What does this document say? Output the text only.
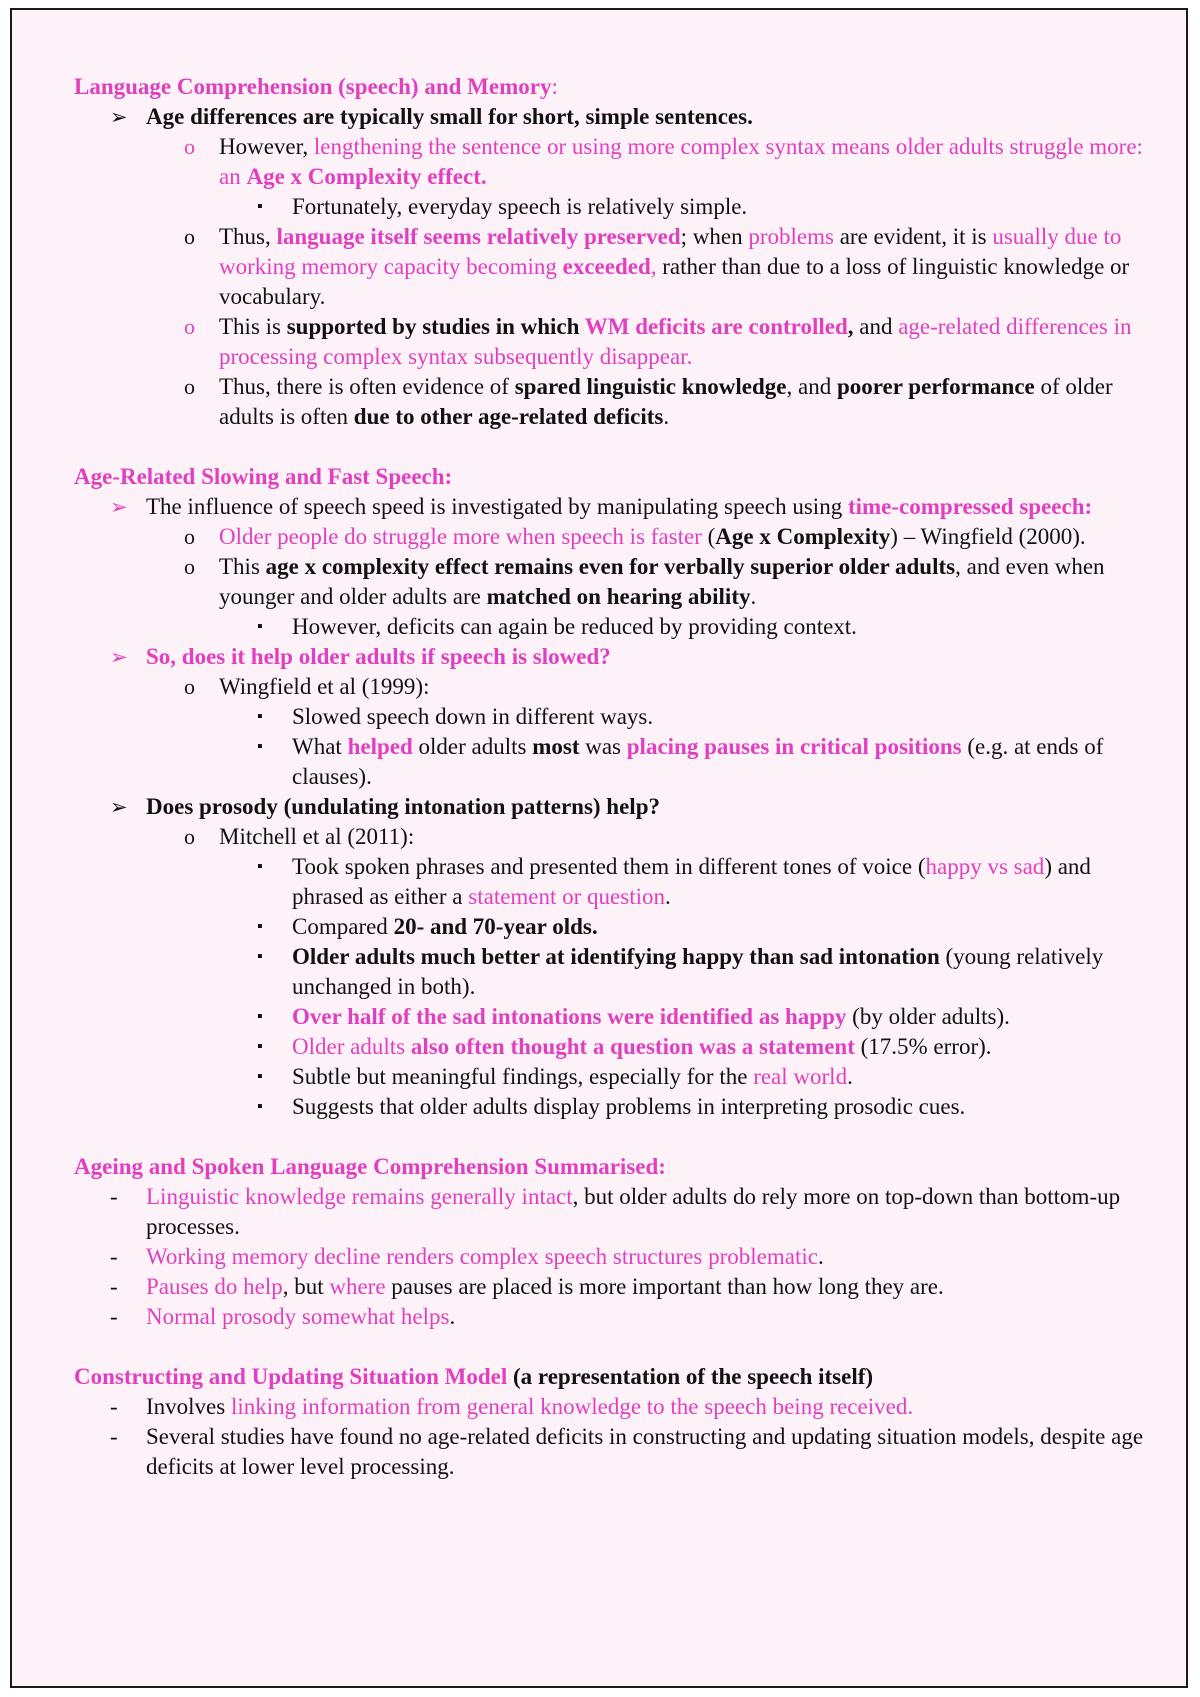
Language Comprehension (speech) and Memory:
➢ Age differences are typically small for short, simple sentences.
o However, lengthening the sentence or using more complex syntax means older adults struggle more: an Age x Complexity effect.
▪ Fortunately, everyday speech is relatively simple.
o Thus, language itself seems relatively preserved; when problems are evident, it is usually due to working memory capacity becoming exceeded, rather than due to a loss of linguistic knowledge or vocabulary.
o This is supported by studies in which WM deficits are controlled, and age-related differences in processing complex syntax subsequently disappear.
o Thus, there is often evidence of spared linguistic knowledge, and poorer performance of older adults is often due to other age-related deficits.
Age-Related Slowing and Fast Speech:
➢ The influence of speech speed is investigated by manipulating speech using time-compressed speech:
o Older people do struggle more when speech is faster (Age x Complexity) – Wingfield (2000).
o This age x complexity effect remains even for verbally superior older adults, and even when younger and older adults are matched on hearing ability.
▪ However, deficits can again be reduced by providing context.
➢ So, does it help older adults if speech is slowed?
o Wingfield et al (1999):
▪ Slowed speech down in different ways.
▪ What helped older adults most was placing pauses in critical positions (e.g. at ends of clauses).
➢ Does prosody (undulating intonation patterns) help?
o Mitchell et al (2011):
▪ Took spoken phrases and presented them in different tones of voice (happy vs sad) and phrased as either a statement or question.
▪ Compared 20- and 70-year olds.
▪ Older adults much better at identifying happy than sad intonation (young relatively unchanged in both).
▪ Over half of the sad intonations were identified as happy (by older adults).
▪ Older adults also often thought a question was a statement (17.5% error).
▪ Subtle but meaningful findings, especially for the real world.
▪ Suggests that older adults display problems in interpreting prosodic cues.
Ageing and Spoken Language Comprehension Summarised:
- Linguistic knowledge remains generally intact, but older adults do rely more on top-down than bottom-up processes.
- Working memory decline renders complex speech structures problematic.
- Pauses do help, but where pauses are placed is more important than how long they are.
- Normal prosody somewhat helps.
Constructing and Updating Situation Model (a representation of the speech itself)
- Involves linking information from general knowledge to the speech being received.
- Several studies have found no age-related deficits in constructing and updating situation models, despite age deficits at lower level processing.
